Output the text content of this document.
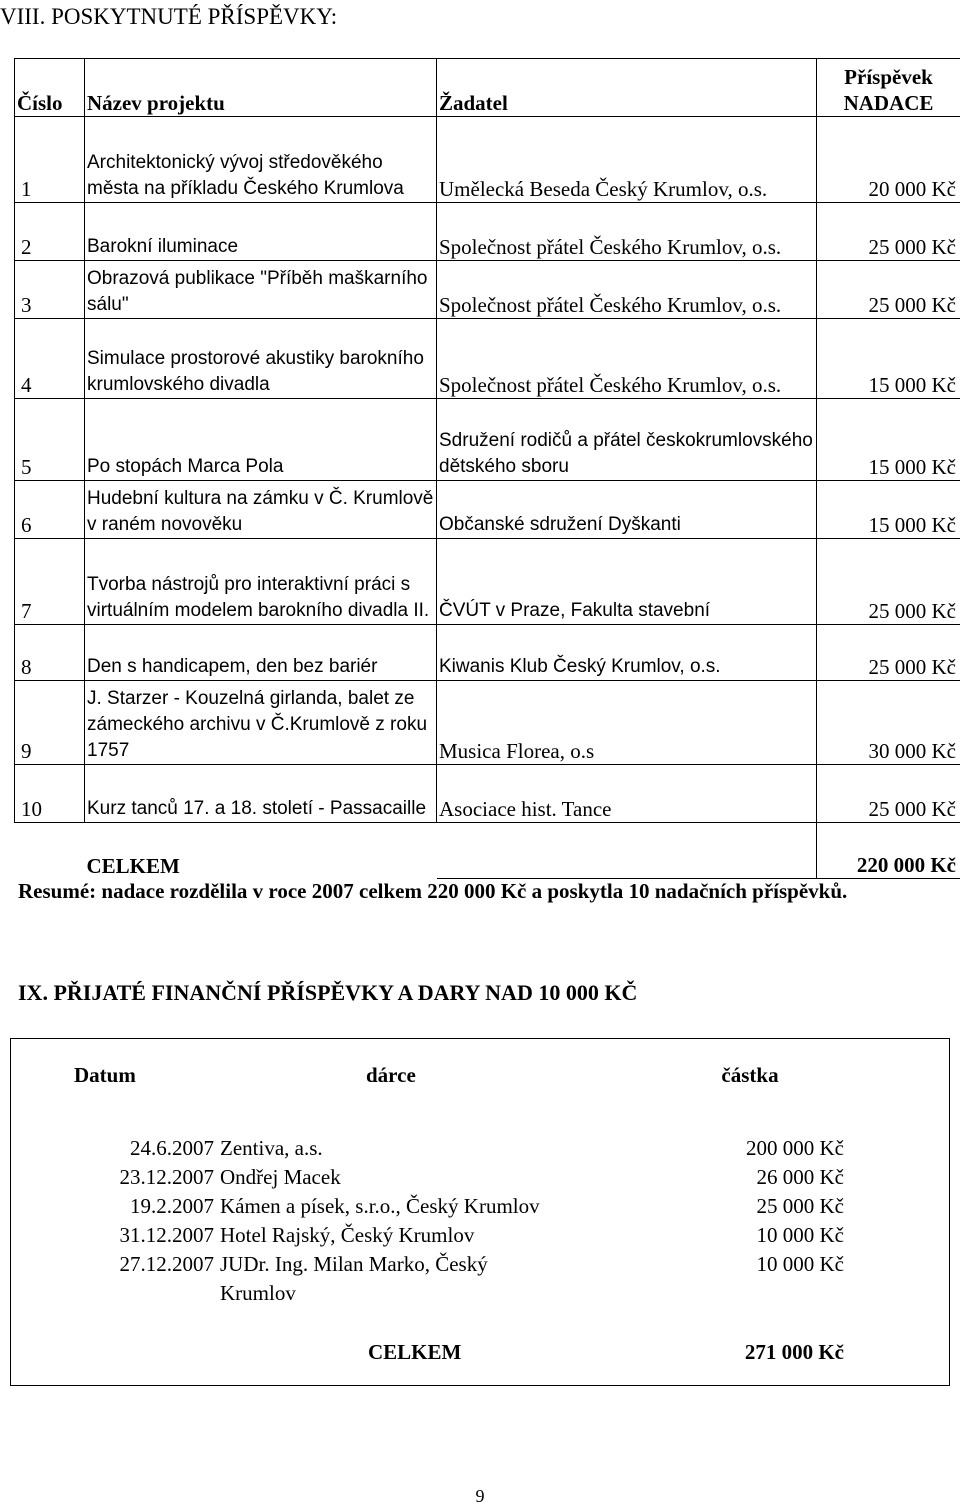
VIII. POSKYTNUTÉ PŘÍSPĚVKY:
Číslo	Název projektu	Žadatel	Příspěvek NADACE
1	Architektonický vývoj středověkého města na příkladu Českého Krumlova	Umělecká Beseda Český Krumlov, o.s.	20 000 Kč
2	Barokní iluminace	Společnost přátel Českého Krumlov, o.s.	25 000 Kč
3	Obrazová publikace "Příběh maškarního sálu"	Společnost přátel Českého Krumlov, o.s.	25 000 Kč
4	Simulace prostorové akustiky barokního krumlovského divadla	Společnost přátel Českého Krumlov, o.s.	15 000 Kč
5	Po stopách Marca Pola	Sdružení rodičů a přátel českokrumlovského dětského sboru	15 000 Kč
6	Hudební kultura na zámku v Č. Krumlově v raném novověku	Občanské sdružení Dyškanti	15 000 Kč
7	Tvorba nástrojů pro interaktivní práci s virtuálním modelem barokního divadla II.	ČVÚT v Praze, Fakulta stavební	25 000 Kč
8	Den s handicapem, den bez bariér	Kiwanis Klub Český Krumlov, o.s.	25 000 Kč
9	J. Starzer - Kouzelná girlanda, balet ze zámeckého archivu v Č.Krumlově z roku 1757	Musica Florea, o.s	30 000 Kč
10	Kurz tanců 17. a 18. století - Passacaille	Asociace hist. Tance	25 000 Kč
	CELKEM		220 000 Kč
Resumé: nadace rozdělila v roce 2007 celkem 220 000 Kč a poskytla 10 nadačních příspěvků.
IX. PŘIJATÉ FINANČNÍ PŘÍSPĚVKY A DARY NAD 10 000 KČ
Datum	dárce	částka
24.6.2007	Zentiva, a.s.	200 000 Kč
23.12.2007	Ondřej Macek	26 000 Kč
19.2.2007	Kámen a písek, s.r.o., Český Krumlov	25 000 Kč
31.12.2007	Hotel Rajský, Český Krumlov	10 000 Kč
27.12.2007	JUDr. Ing. Milan Marko, Český Krumlov	10 000 Kč
	CELKEM	271 000 Kč
9
